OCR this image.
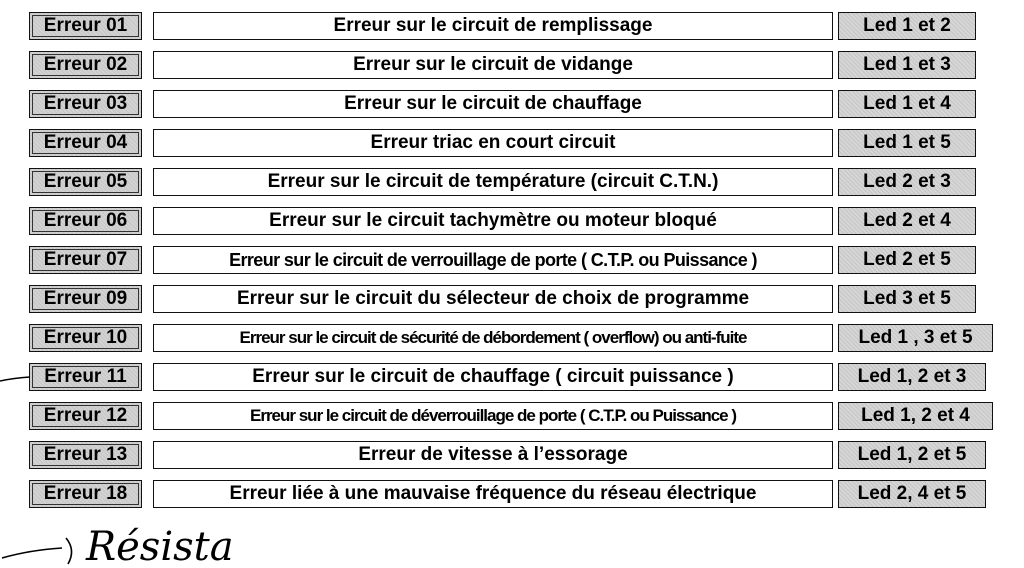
Erreur 01	Erreur sur le circuit de remplissage	Led 1 et 2
Erreur 02	Erreur sur le circuit de vidange	Led 1 et 3
Erreur 03	Erreur sur le circuit de chauffage	Led 1 et 4
Erreur 04	Erreur triac en court circuit	Led 1 et 5
Erreur 05	Erreur sur le circuit de température (circuit C.T.N.)	Led 2 et 3
Erreur 06	Erreur sur le circuit tachymètre ou moteur bloqué	Led 2 et 4
Erreur 07	Erreur sur le circuit de verrouillage de porte ( C.T.P. ou Puissance )	Led 2 et 5
Erreur 09	Erreur sur le circuit du sélecteur de choix de programme	Led 3 et 5
Erreur 10	Erreur sur le circuit de sécurité de débordement ( overflow) ou anti-fuite	Led 1 , 3 et 5
Erreur 11	Erreur sur le circuit de chauffage ( circuit puissance )	Led 1, 2 et 3
Erreur 12	Erreur sur le circuit de déverrouillage de porte ( C.T.P. ou Puissance )	Led 1, 2 et 4
Erreur 13	Erreur de vitesse à l’essorage	Led 1, 2 et 5
Erreur 18	Erreur liée à une mauvaise fréquence du réseau électrique	Led 2, 4 et 5
Résista
